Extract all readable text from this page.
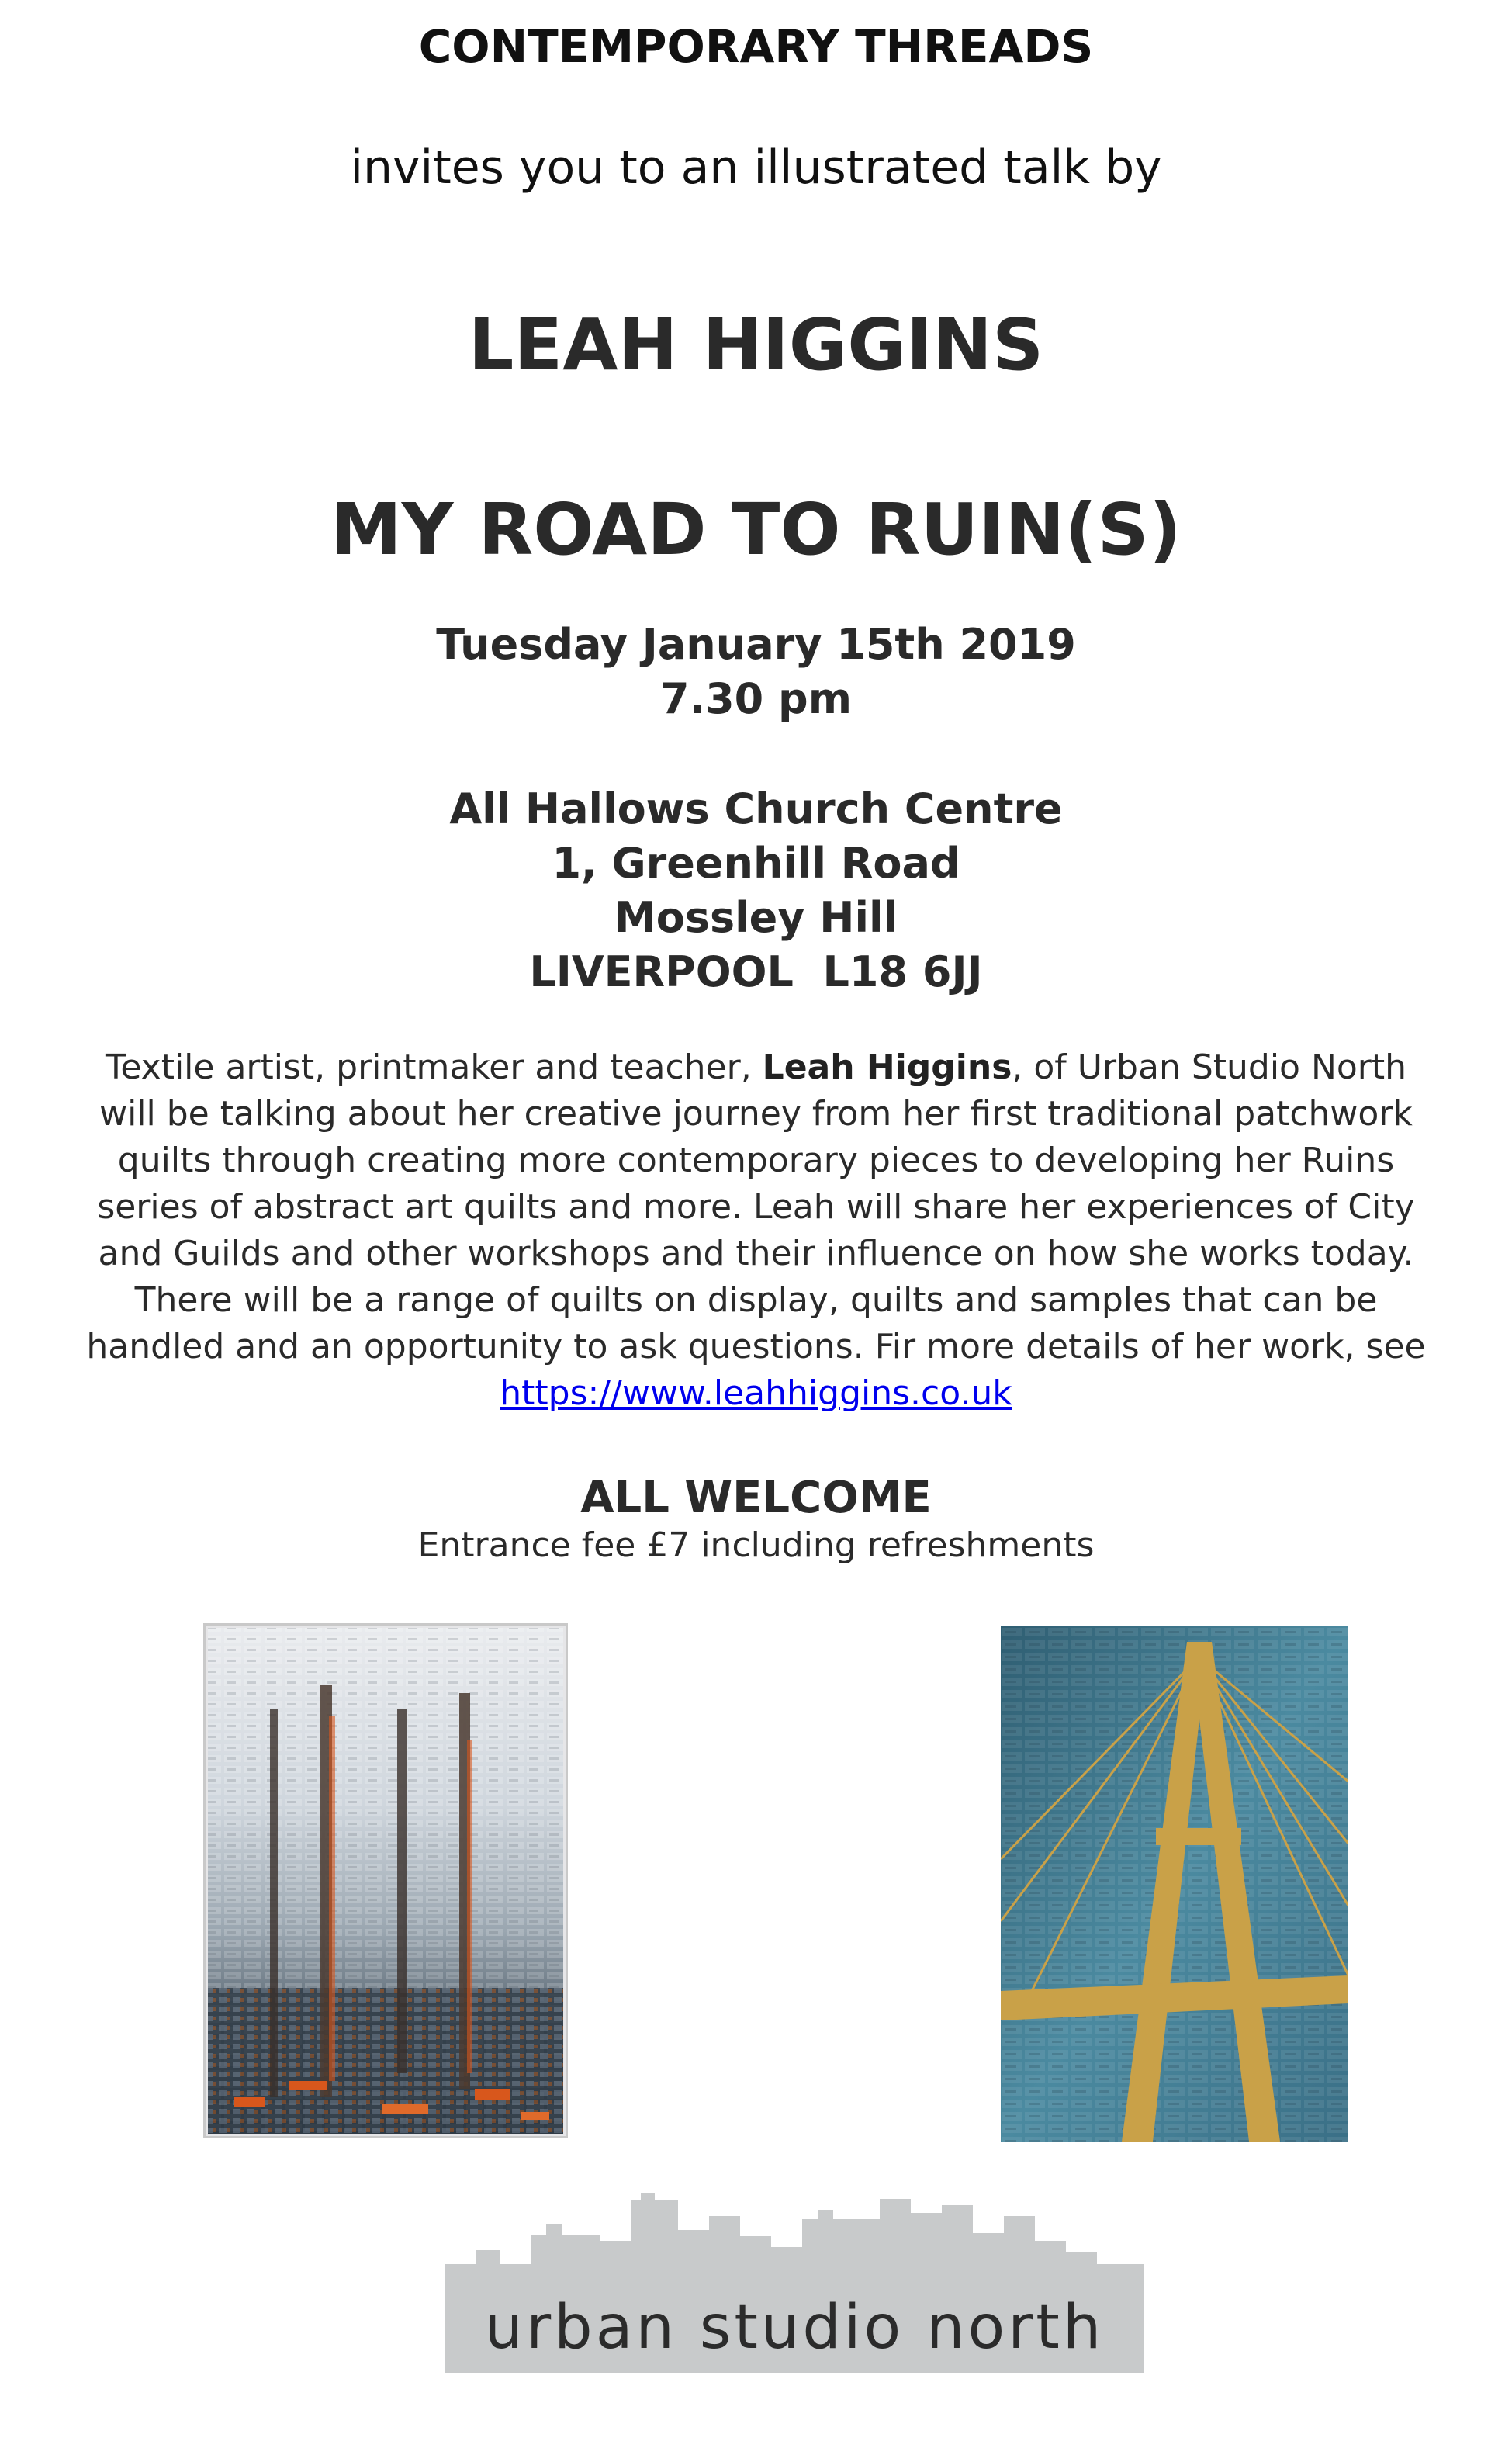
CONTEMPORARY THREADS

invites you to an illustrated talk by

LEAH HIGGINS

MY ROAD TO RUIN(S)

Tuesday January 15th 2019
7.30 pm
All Hallows Church Centre
1, Greenhill Road
Mossley Hill
LIVERPOOL  L18 6JJ
Textile artist, printmaker and teacher, Leah Higgins, of Urban Studio North will be talking about her creative journey from her first traditional patchwork quilts through creating more contemporary pieces to developing her Ruins series of abstract art quilts and more. Leah will share her experiences of City and Guilds and other workshops and their influence on how she works today. There will be a range of quilts on display, quilts and samples that can be handled and an opportunity to ask questions. Fir more details of her work, see https://www.leahhiggins.co.uk

ALL WELCOME

Entrance fee £7 including refreshments

urban studio north
